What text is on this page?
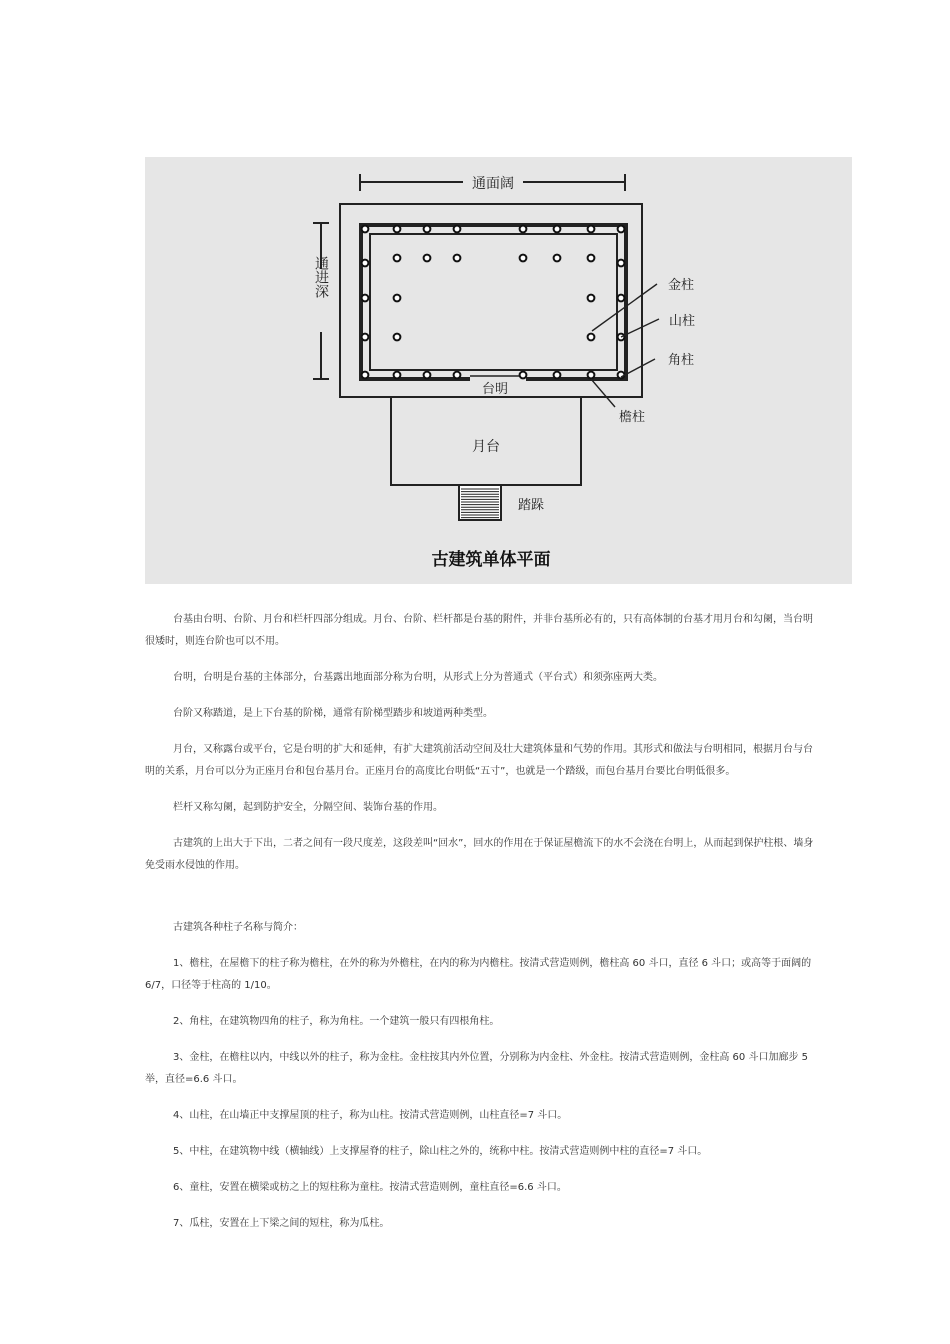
通面阔
通进深
月台
踏跺
台明
金柱
山柱
角柱
檐柱
古建筑单体平面

台基由台明、台阶、月台和栏杆四部分组成。月台、台阶、栏杆都是台基的附件，并非台基所必有的，只有高体制的台基才用月台和勾阑，当台明很矮时，则连台阶也可以不用。

台明，台明是台基的主体部分，台基露出地面部分称为台明，从形式上分为普通式（平台式）和须弥座两大类。

台阶又称踏道，是上下台基的阶梯，通常有阶梯型踏步和坡道两种类型。

月台，又称露台或平台，它是台明的扩大和延伸，有扩大建筑前活动空间及壮大建筑体量和气势的作用。其形式和做法与台明相同，根据月台与台明的关系，月台可以分为正座月台和包台基月台。正座月台的高度比台明低“五寸”，也就是一个踏级，而包台基月台要比台明低很多。

栏杆又称勾阑，起到防护安全，分隔空间、装饰台基的作用。

古建筑的上出大于下出，二者之间有一段尺度差，这段差叫“回水”，回水的作用在于保证屋檐流下的水不会浇在台明上，从而起到保护柱根、墙身免受雨水侵蚀的作用。

古建筑各种柱子名称与简介：

1、檐柱，在屋檐下的柱子称为檐柱，在外的称为外檐柱，在内的称为内檐柱。按清式营造则例，檐柱高 60 斗口，直径 6 斗口；或高等于面阔的 6/7，口径等于柱高的 1/10。

2、角柱，在建筑物四角的柱子，称为角柱。一个建筑一般只有四根角柱。

3、金柱，在檐柱以内，中线以外的柱子，称为金柱。金柱按其内外位置，分别称为内金柱、外金柱。按清式营造则例，金柱高 60 斗口加廊步 5 举，直径=6.6 斗口。

4、山柱，在山墙正中支撑屋顶的柱子，称为山柱。按清式营造则例，山柱直径=7 斗口。

5、中柱，在建筑物中线（横轴线）上支撑屋脊的柱子，除山柱之外的，统称中柱。按清式营造则例中柱的直径=7 斗口。

6、童柱，安置在横梁或枋之上的短柱称为童柱。按清式营造则例，童柱直径=6.6 斗口。

7、瓜柱，安置在上下梁之间的短柱，称为瓜柱。
